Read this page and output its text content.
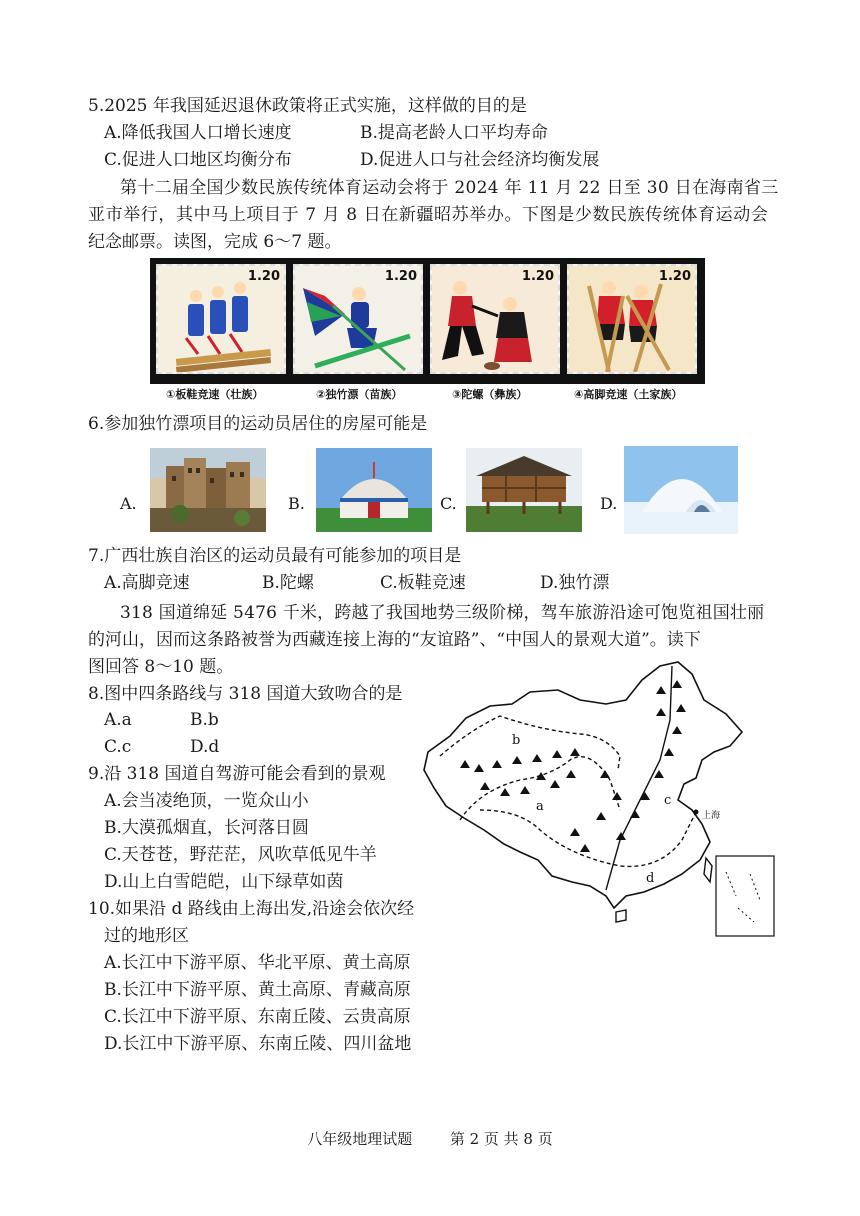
5.2025 年我国延迟退休政策将正式实施，这样做的目的是
A.降低我国人口增长速度	B.提高老龄人口平均寿命
C.促进人口地区均衡分布	D.促进人口与社会经济均衡发展
第十二届全国少数民族传统体育运动会将于 2024 年 11 月 22 日至 30 日在海南省三
亚市举行，其中马上项目于 7 月 8 日在新疆昭苏举办。下图是少数民族传统体育运动会
纪念邮票。读图，完成 6～7 题。
1.20	1.20	1.20	1.20
①板鞋竞速（壮族）	②独竹漂（苗族）	③陀螺（彝族）	④高脚竞速（土家族）
6.参加独竹漂项目的运动员居住的房屋可能是
A.	B.	C.	D.
7.广西壮族自治区的运动员最有可能参加的项目是
A.高脚竞速	B.陀螺	C.板鞋竞速	D.独竹漂
318 国道绵延 5476 千米，跨越了我国地势三级阶梯，驾车旅游沿途可饱览祖国壮丽
的河山，因而这条路被誉为西藏连接上海的“友谊路”、“中国人的景观大道”。读下
图回答 8～10 题。
8.图中四条路线与 318 国道大致吻合的是
A.a	B.b
C.c	D.d
9.沿 318 国道自驾游可能会看到的景观
A.会当凌绝顶，一览众山小
B.大漠孤烟直，长河落日圆
C.天苍苍，野茫茫，风吹草低见牛羊
D.山上白雪皑皑，山下绿草如茵
10.如果沿 d 路线由上海出发,沿途会依次经
过的地形区
A.长江中下游平原、华北平原、黄土高原
B.长江中下游平原、黄土高原、青藏高原
C.长江中下游平原、东南丘陵、云贵高原
D.长江中下游平原、东南丘陵、四川盆地
上海
a
b
c
d
八年级地理试题	第 2 页 共 8 页
